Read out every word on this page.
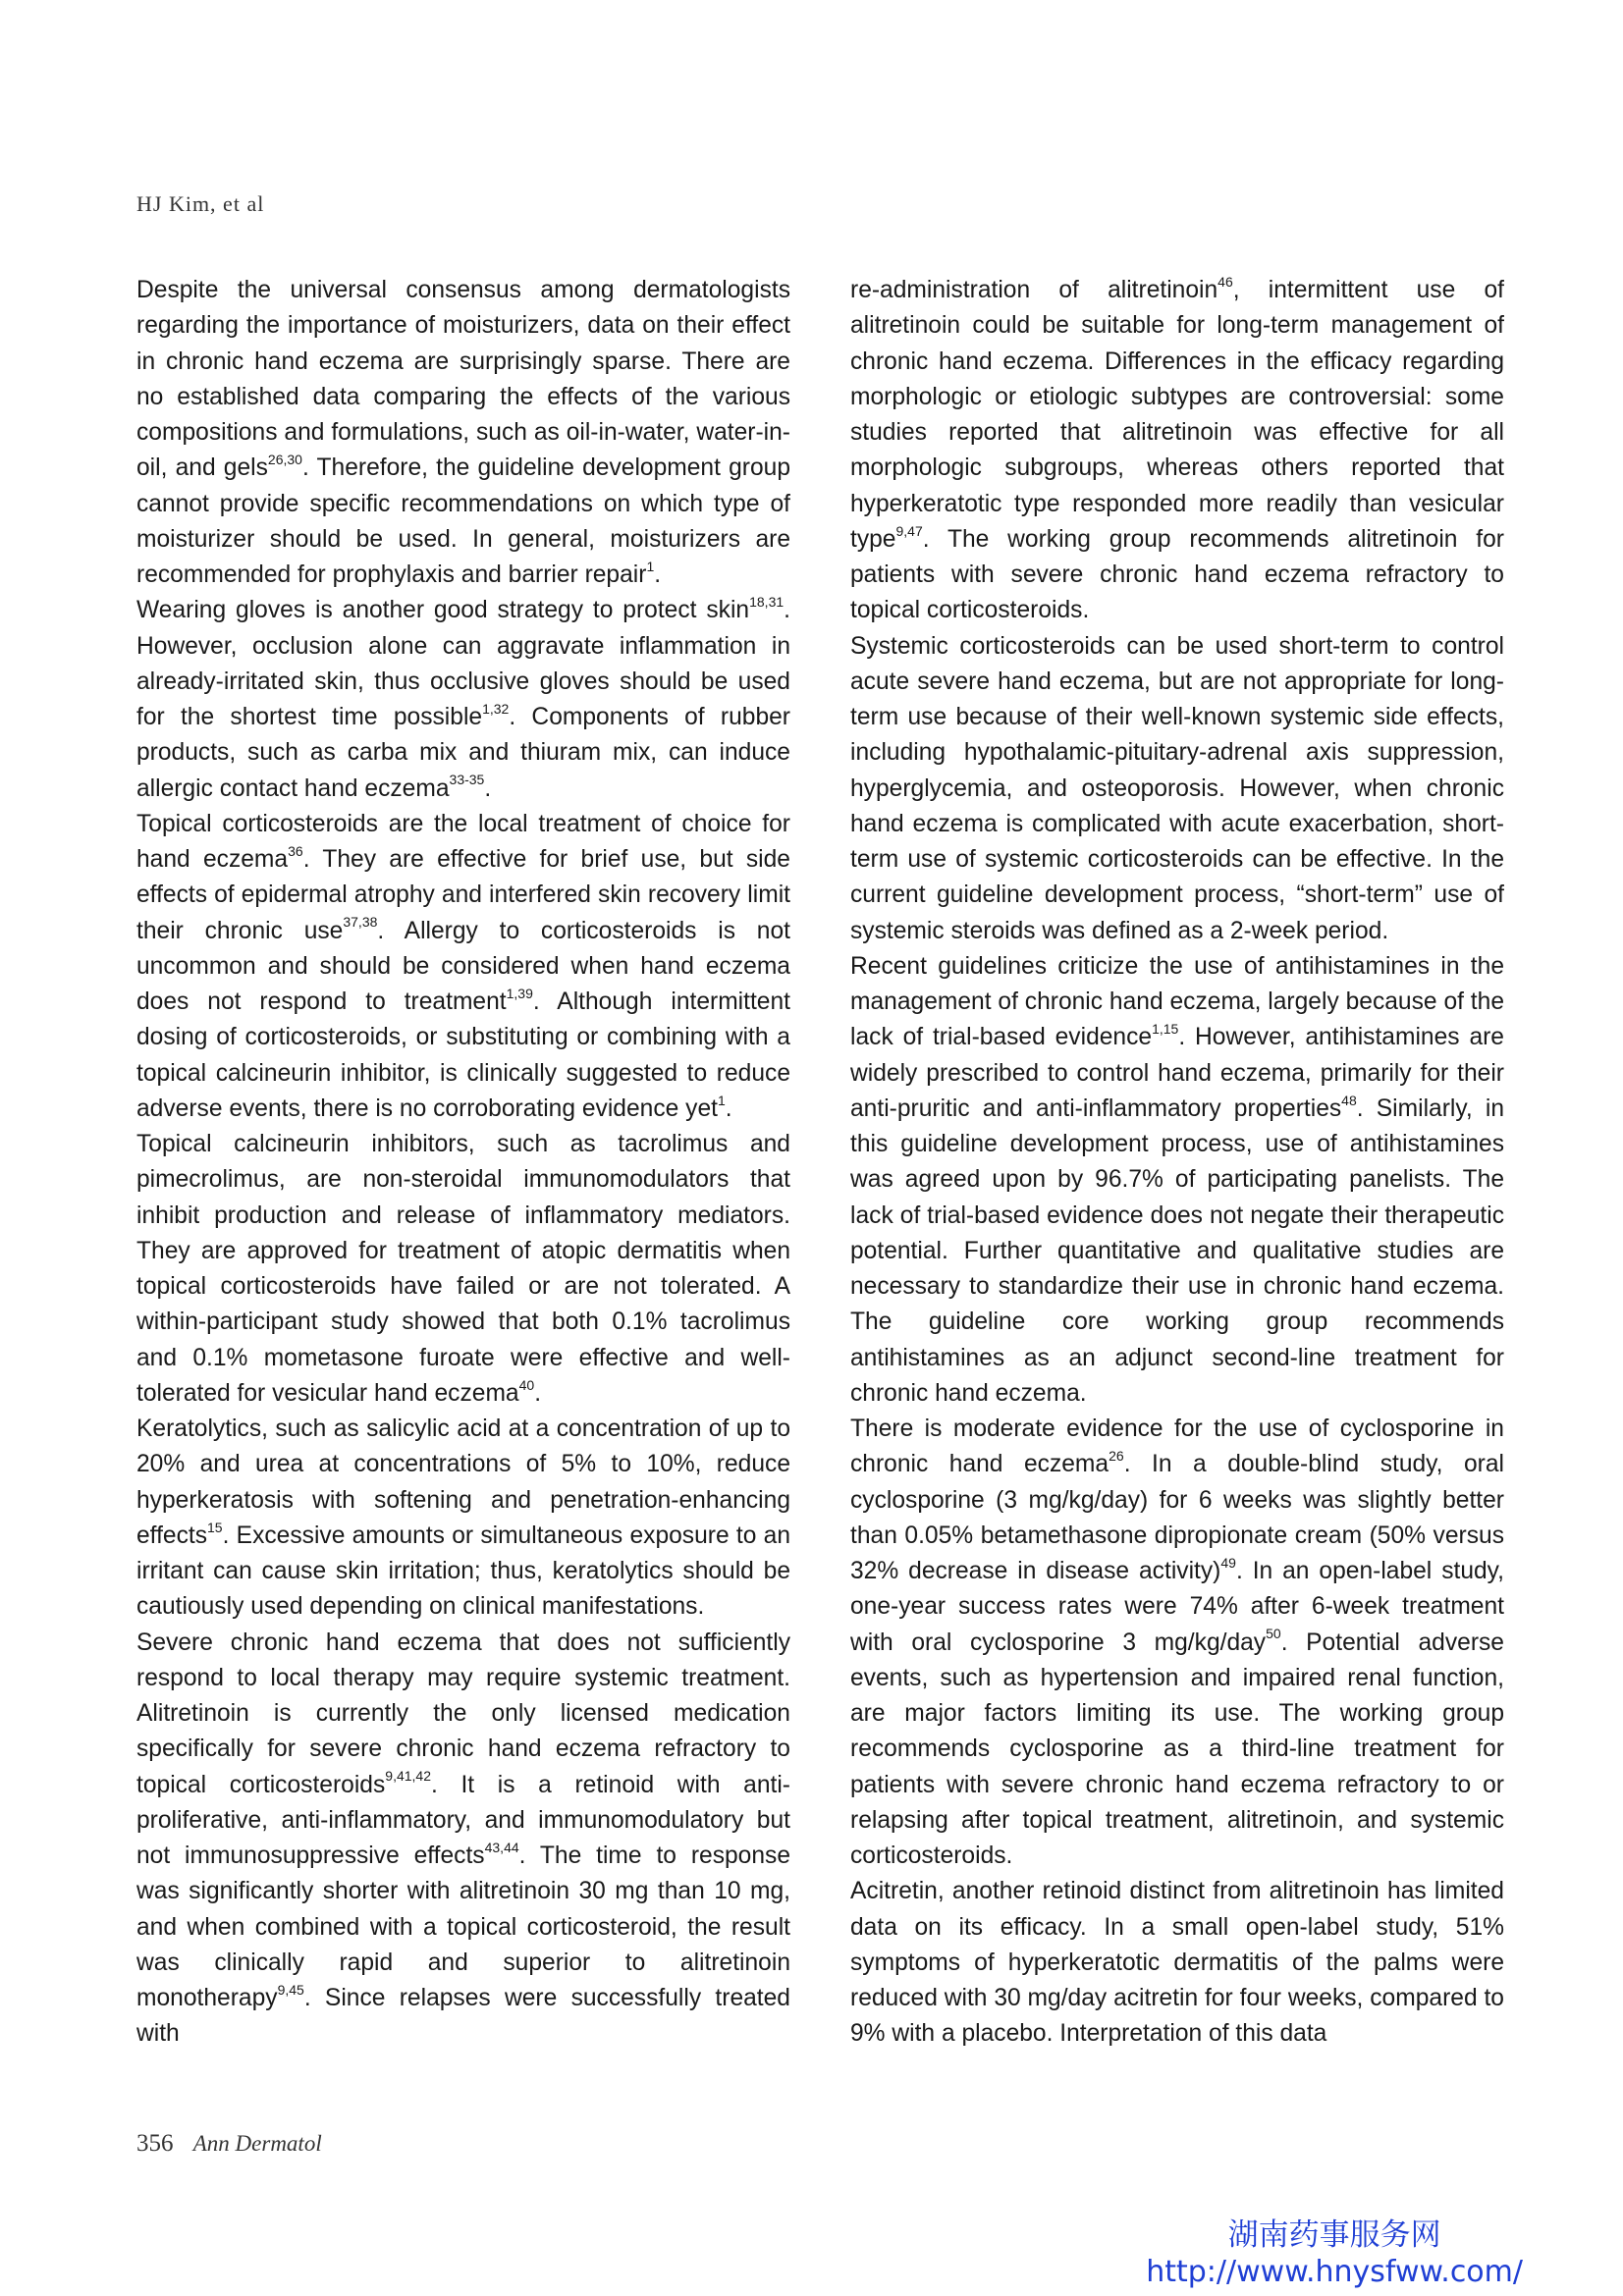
HJ Kim, et al

Despite the universal consensus among dermatologists regarding the importance of moisturizers, data on their effect in chronic hand eczema are surprisingly sparse. There are no established data comparing the effects of the various compositions and formulations, such as oil-in-water, water-in-oil, and gels$^{26,30}$. Therefore, the guideline development group cannot provide specific recommendations on which type of moisturizer should be used. In general, moisturizers are recommended for prophylaxis and barrier repair$^1$.

Wearing gloves is another good strategy to protect skin$^{18,31}$. However, occlusion alone can aggravate inflammation in already-irritated skin, thus occlusive gloves should be used for the shortest time possible$^{1,32}$. Components of rubber products, such as carba mix and thiuram mix, can induce allergic contact hand eczema$^{33-35}$.

Topical corticosteroids are the local treatment of choice for hand eczema$^{36}$. They are effective for brief use, but side effects of epidermal atrophy and interfered skin recovery limit their chronic use$^{37,38}$. Allergy to corticosteroids is not uncommon and should be considered when hand eczema does not respond to treatment$^{1,39}$. Although intermittent dosing of corticosteroids, or substituting or combining with a topical calcineurin inhibitor, is clinically suggested to reduce adverse events, there is no corroborating evidence yet$^1$.

Topical calcineurin inhibitors, such as tacrolimus and pimecrolimus, are non-steroidal immunomodulators that inhibit production and release of inflammatory mediators. They are approved for treatment of atopic dermatitis when topical corticosteroids have failed or are not tolerated. A within-participant study showed that both 0.1% tacrolimus and 0.1% mometasone furoate were effective and well-tolerated for vesicular hand eczema$^{40}$.

Keratolytics, such as salicylic acid at a concentration of up to 20% and urea at concentrations of 5% to 10%, reduce hyperkeratosis with softening and penetration-enhancing effects$^{15}$. Excessive amounts or simultaneous exposure to an irritant can cause skin irritation; thus, keratolytics should be cautiously used depending on clinical manifestations.

Severe chronic hand eczema that does not sufficiently respond to local therapy may require systemic treatment. Alitretinoin is currently the only licensed medication specifically for severe chronic hand eczema refractory to topical corticosteroids$^{9,41,42}$. It is a retinoid with anti-proliferative, anti-inflammatory, and immunomodulatory but not immunosuppressive effects$^{43,44}$. The time to response was significantly shorter with alitretinoin 30 mg than 10 mg, and when combined with a topical corticosteroid, the result was clinically rapid and superior to alitretinoin monotherapy$^{9,45}$. Since relapses were successfully treated with

re-administration of alitretinoin$^{46}$, intermittent use of alitretinoin could be suitable for long-term management of chronic hand eczema. Differences in the efficacy regarding morphologic or etiologic subtypes are controversial: some studies reported that alitretinoin was effective for all morphologic subgroups, whereas others reported that hyperkeratotic type responded more readily than vesicular type$^{9,47}$. The working group recommends alitretinoin for patients with severe chronic hand eczema refractory to topical corticosteroids.

Systemic corticosteroids can be used short-term to control acute severe hand eczema, but are not appropriate for long-term use because of their well-known systemic side effects, including hypothalamic-pituitary-adrenal axis suppression, hyperglycemia, and osteoporosis. However, when chronic hand eczema is complicated with acute exacerbation, short-term use of systemic corticosteroids can be effective. In the current guideline development process, “short-term” use of systemic steroids was defined as a 2-week period.

Recent guidelines criticize the use of antihistamines in the management of chronic hand eczema, largely because of the lack of trial-based evidence$^{1,15}$. However, antihistamines are widely prescribed to control hand eczema, primarily for their anti-pruritic and anti-inflammatory properties$^{48}$. Similarly, in this guideline development process, use of antihistamines was agreed upon by 96.7% of participating panelists. The lack of trial-based evidence does not negate their therapeutic potential. Further quantitative and qualitative studies are necessary to standardize their use in chronic hand eczema. The guideline core working group recommends antihistamines as an adjunct second-line treatment for chronic hand eczema.

There is moderate evidence for the use of cyclosporine in chronic hand eczema$^{26}$. In a double-blind study, oral cyclosporine (3 mg/kg/day) for 6 weeks was slightly better than 0.05% betamethasone dipropionate cream (50% versus 32% decrease in disease activity)$^{49}$. In an open-label study, one-year success rates were 74% after 6-week treatment with oral cyclosporine 3 mg/kg/day$^{50}$. Potential adverse events, such as hypertension and impaired renal function, are major factors limiting its use. The working group recommends cyclosporine as a third-line treatment for patients with severe chronic hand eczema refractory to or relapsing after topical treatment, alitretinoin, and systemic corticosteroids.

Acitretin, another retinoid distinct from alitretinoin has limited data on its efficacy. In a small open-label study, 51% symptoms of hyperkeratotic dermatitis of the palms were reduced with 30 mg/day acitretin for four weeks, compared to 9% with a placebo. Interpretation of this data

356 Ann Dermatol
湖南药事服务网
http://www.hnysfww.com/
